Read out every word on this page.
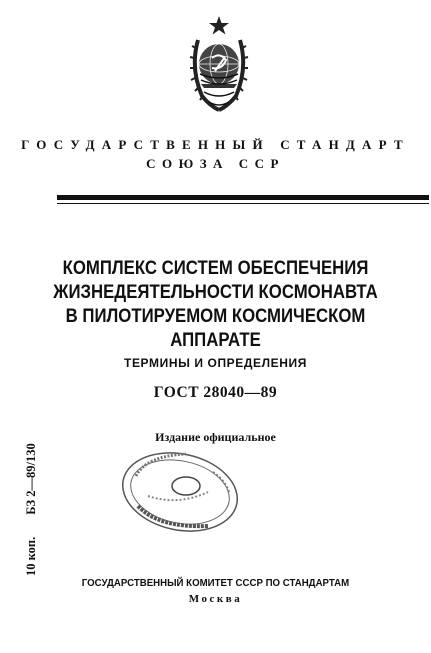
ГОСУДАРСТВЕННЫЙ СТАНДАРТ
СОЮЗА ССР
КОМПЛЕКС СИСТЕМ ОБЕСПЕЧЕНИЯ
ЖИЗНЕДЕЯТЕЛЬНОСТИ КОСМОНАВТА
В ПИЛОТИРУЕМОМ КОСМИЧЕСКОМ
АППАРАТЕ
ТЕРМИНЫ И ОПРЕДЕЛЕНИЯ
ГОСТ 28040—89
Издание официальное
10 коп.БЗ 2—89/130
ГОСУДАРСТВЕННЫЙ КОМИТЕТ СССР ПО СТАНДАРТАМ
Москва
